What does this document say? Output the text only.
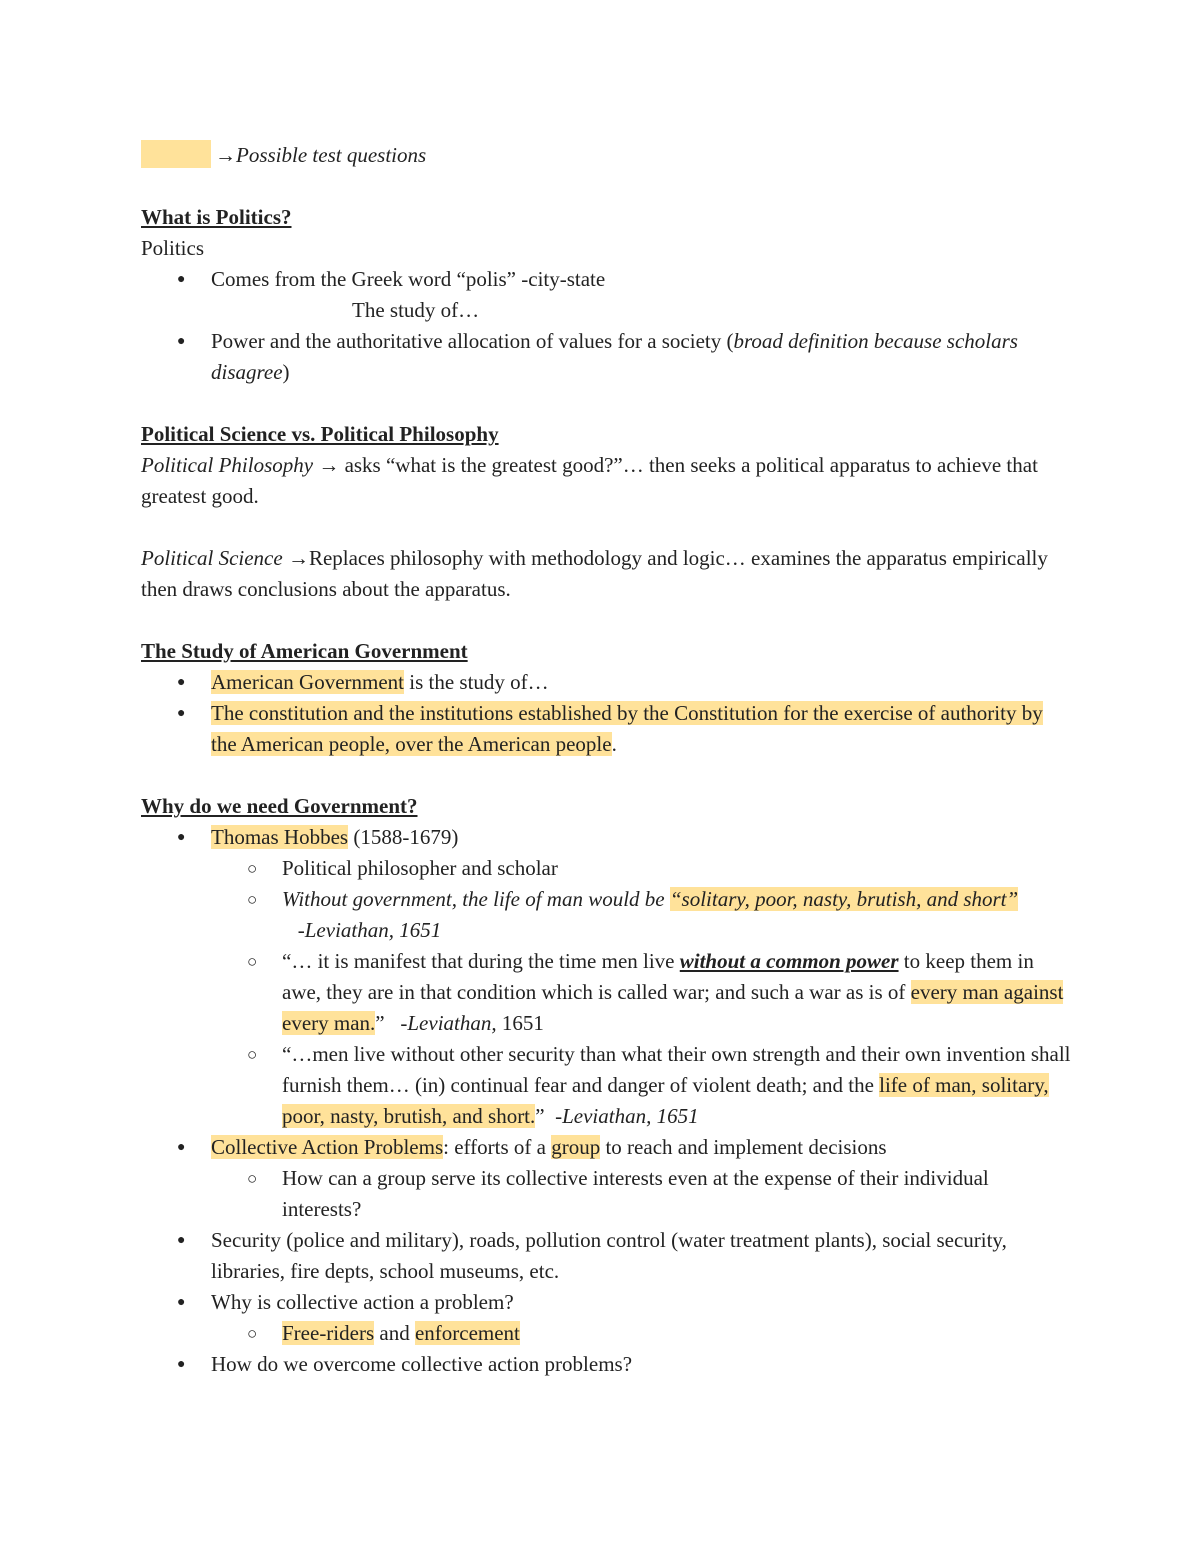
→Possible test questions

What is Politics?

Politics

● Comes from the Greek word “polis” -city-state

The study of…

● Power and the authoritative allocation of values for a society (broad definition because scholars disagree)
Political Science vs. Political Philosophy

Political Philosophy → asks “what is the greatest good?”… then seeks a political apparatus to achieve that greatest good.

Political Science →Replaces philosophy with methodology and logic… examines the apparatus empirically then draws conclusions about the apparatus.

The Study of American Government
● American Government is the study of…
● The constitution and the institutions established by the Constitution for the exercise of authority by the American people, over the American people.
Why do we need Government?
● Thomas Hobbes (1588-1679)
○ Political philosopher and scholar
○ Without government, the life of man would be “solitary, poor, nasty, brutish, and short”   -Leviathan, 1651
○ “… it is manifest that during the time men live without a common power to keep them in awe, they are in that condition which is called war; and such a war as is of every man against every man.”   -Leviathan, 1651
○ “…men live without other security than what their own strength and their own invention shall furnish them… (in) continual fear and danger of violent death; and the life of man, solitary, poor, nasty, brutish, and short.”  -Leviathan, 1651
● Collective Action Problems: efforts of a group to reach and implement decisions
○ How can a group serve its collective interests even at the expense of their individual interests?
● Security (police and military), roads, pollution control (water treatment plants), social security, libraries, fire depts, school museums, etc.
● Why is collective action a problem?
○ Free-riders and enforcement
● How do we overcome collective action problems?
